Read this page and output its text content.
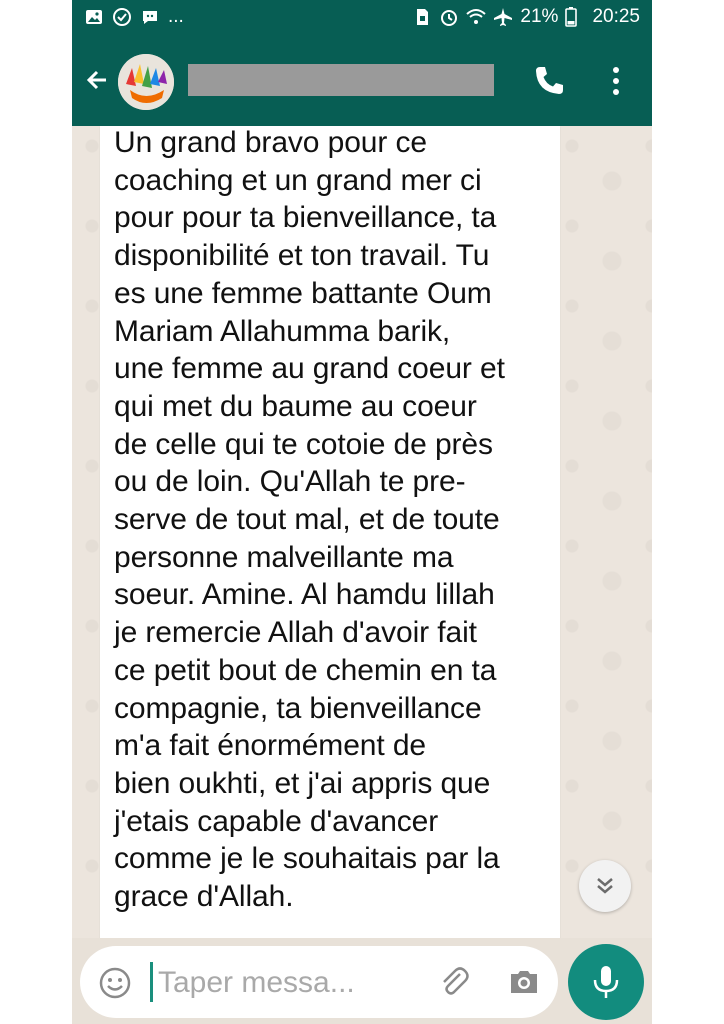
...	21% 20:25
Un grand bravo pour ce
coaching et un grand mer ci
pour pour ta bienveillance, ta
disponibilité et ton travail. Tu
es une femme battante Oum
Mariam Allahumma barik,
une femme au grand coeur et
qui met du baume au coeur
de celle qui te cotoie de près
ou de loin. Qu'Allah te pre-
serve de tout mal, et de toute
personne malveillante ma
soeur. Amine. Al hamdu lillah
je remercie Allah d'avoir fait
ce petit bout de chemin en ta
compagnie, ta bienveillance
m'a fait énormément de
bien oukhti, et j'ai appris que
j'etais capable d'avancer
comme je le souhaitais par la
grace d'Allah.
Taper messa...
